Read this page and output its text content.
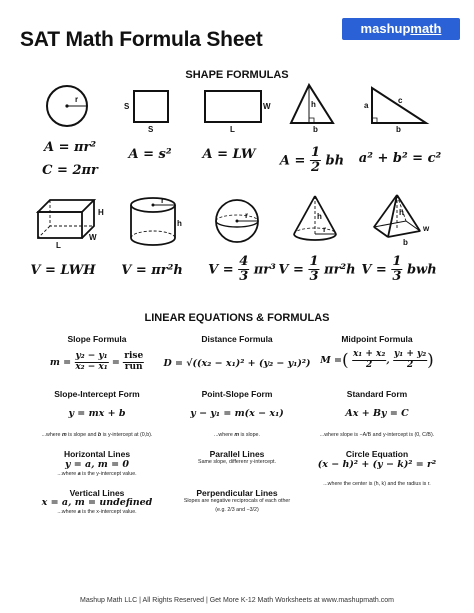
SAT Math Formula Sheet	mashupmath
SHAPE FORMULAS
r
S
S
W
L
h
b
a
b
c
A = πr²
C = 2πr
A = s² A = LW $A = \frac{1}{2}$ bh a² + b² = c²
H
W
L
r
h
r	h
r
h
w
b
V = LWH V = πr²h $V = \frac{4}{3} \pi r^3$ $V = \frac{1}{3} \pi r^2h$ $V = \frac{1}{3}$ bwh
LINEAR EQUATIONS & FORMULAS
Slope Formula
$m = \frac{\text{y₂ − y₁}}{\text{x₂ − x₁}} = \frac{\text{rise}}{\text{run}}$
Slope-Intercept Form
y = mx + b
...where m is slope and b is y-intercept at (0,b).
Horizontal Lines
y = a, m = 0
...where a is the y-intercept value.
Vertical Lines
x = a, m = undefined
...where a is the x-intercept value.
Distance Formula
D = √((x₂ − x₁)² + (y₂ − y₁)²)
Point-Slope Form
y − y₁ = m(x − x₁)
...where m is slope.
Parallel Lines
Same slope, differenr y-intercept.
Perpendicular Lines
Slopes are negative reciprocals of each other
(e.g. 2/3 and −3/2)
Midpoint Formula
M =( $\frac{\text{x₁ + x₂}}{2}$ , $\frac{\text{y₁ + y₂}}{2}$ )
Standard Form
Ax + By = C
...where slope is −A/B and y-intercept is (0, C/B).
Circle Equation
(x − h)² + (y − k)² = r²
...where the center is (h, k) and the radius is r.
Mashup Math LLC | All Rights Reserved | Get More K-12 Math Worksheets at www.mashupmath.com
